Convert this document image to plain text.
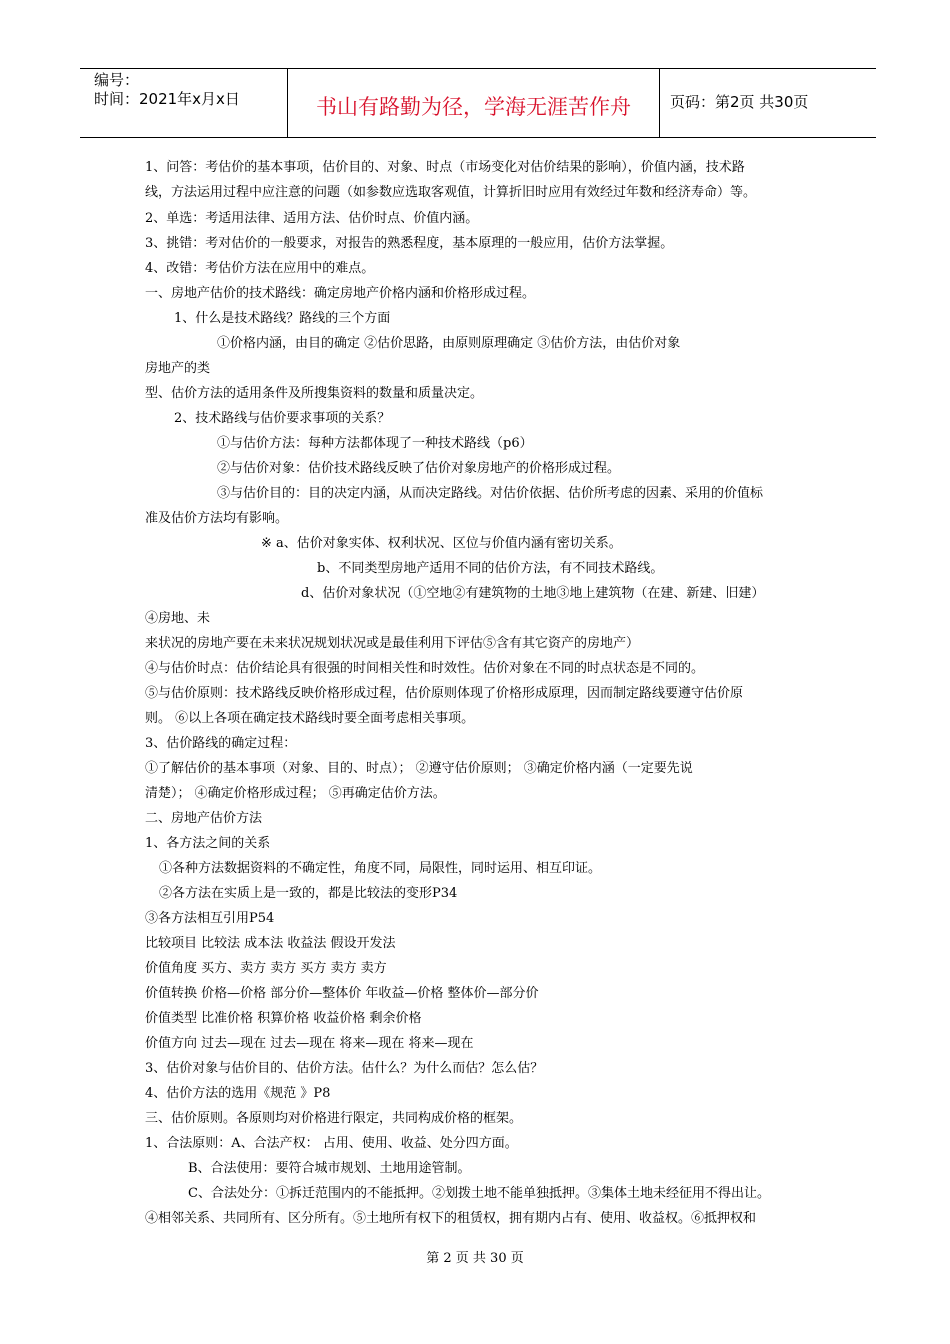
编号：
时间：2021年x月x日	书山有路勤为径，学海无涯苦作舟	页码：第2页 共30页
1、问答：考估价的基本事项，估价目的、对象、时点（市场变化对估价结果的影响），价值内涵，技术路
线，方法运用过程中应注意的问题（如参数应选取客观值，计算折旧时应用有效经过年数和经济寿命）等。
2、单选：考适用法律、适用方法、估价时点、价值内涵。
3、挑错：考对估价的一般要求，对报告的熟悉程度，基本原理的一般应用，估价方法掌握。
4、改错：考估价方法在应用中的难点。
一、房地产估价的技术路线：确定房地产价格内涵和价格形成过程。
1、什么是技术路线？路线的三个方面
①价格内涵，由目的确定 ②估价思路，由原则原理确定 ③估价方法，由估价对象
房地产的类
型、估价方法的适用条件及所搜集资料的数量和质量决定。
2、技术路线与估价要求事项的关系？
①与估价方法：每种方法都体现了一种技术路线（p6）
②与估价对象：估价技术路线反映了估价对象房地产的价格形成过程。
③与估价目的：目的决定内涵，从而决定路线。对估价依据、估价所考虑的因素、采用的价值标
准及估价方法均有影响。
※ a、估价对象实体、权利状况、区位与价值内涵有密切关系。
b、不同类型房地产适用不同的估价方法，有不同技术路线。
d、估价对象状况（①空地②有建筑物的土地③地上建筑物（在建、新建、旧建）
④房地、未
来状况的房地产要在未来状况规划状况或是最佳利用下评估⑤含有其它资产的房地产）
④与估价时点：估价结论具有很强的时间相关性和时效性。估价对象在不同的时点状态是不同的。
⑤与估价原则：技术路线反映价格形成过程，估价原则体现了价格形成原理，因而制定路线要遵守估价原
则。 ⑥以上各项在确定技术路线时要全面考虑相关事项。
3、估价路线的确定过程：
①了解估价的基本事项（对象、目的、时点）； ②遵守估价原则； ③确定价格内涵（一定要先说
清楚）； ④确定价格形成过程； ⑤再确定估价方法。
二、房地产估价方法
1、各方法之间的关系
①各种方法数据资料的不确定性，角度不同，局限性，同时运用、相互印证。
②各方法在实质上是一致的，都是比较法的变形P34
③各方法相互引用P54
比较项目 比较法 成本法 收益法 假设开发法
价值角度 买方、卖方 卖方 买方 卖方 卖方
价值转换 价格—价格 部分价—整体价 年收益—价格 整体价—部分价
价值类型 比准价格 积算价格 收益价格 剩余价格
价值方向 过去—现在 过去—现在 将来—现在 将来—现在
3、估价对象与估价目的、估价方法。估什么？为什么而估？怎么估？
4、估价方法的选用《规范 》P8
三、估价原则。各原则均对价格进行限定，共同构成价格的框架。
1、合法原则：A、合法产权： 占用、使用、收益、处分四方面。
B、合法使用：要符合城市规划、土地用途管制。
C、合法处分：①拆迁范围内的不能抵押。②划拨土地不能单独抵押。③集体土地未经征用不得出让。
④相邻关系、共同所有、区分所有。⑤土地所有权下的租赁权，拥有期内占有、使用、收益权。⑥抵押权和
第 2 页 共 30 页
